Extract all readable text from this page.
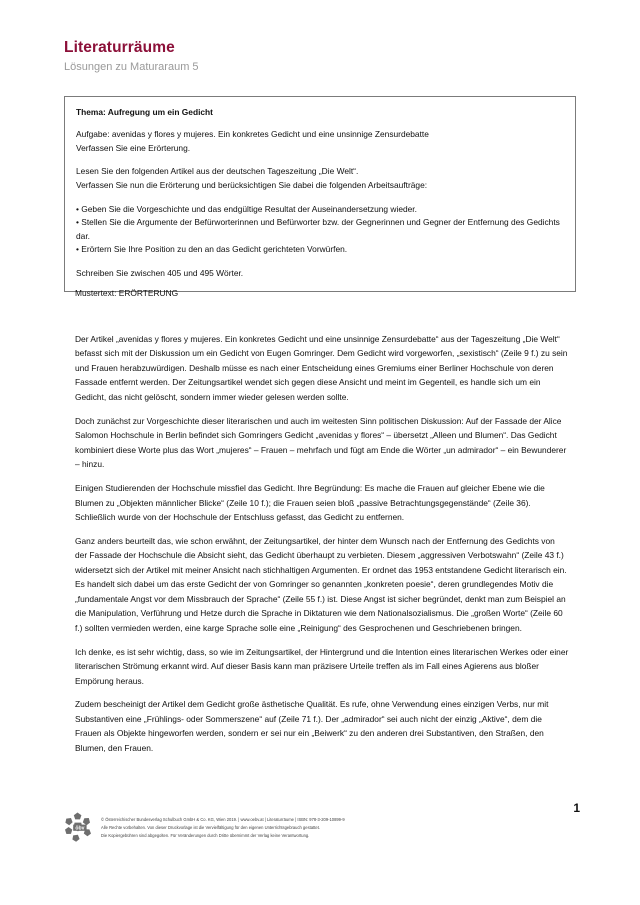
Literaturräume
Lösungen zu Maturaraum 5
Thema: Aufregung um ein Gedicht
Aufgabe: avenidas y flores y mujeres. Ein konkretes Gedicht und eine unsinnige Zensurdebatte
Verfassen Sie eine Erörterung.
Lesen Sie den folgenden Artikel aus der deutschen Tageszeitung „Die Welt“.
Verfassen Sie nun die Erörterung und berücksichtigen Sie dabei die folgenden Arbeitsaufträge:
• Geben Sie die Vorgeschichte und das endgültige Resultat der Auseinandersetzung wieder.
• Stellen Sie die Argumente der Befürworterinnen und Befürworter bzw. der Gegnerinnen und Gegner der Entfernung des Gedichts dar.
• Erörtern Sie Ihre Position zu den an das Gedicht gerichteten Vorwürfen.
Schreiben Sie zwischen 405 und 495 Wörter.
Mustertext: ERÖRTERUNG

Der Artikel „avenidas y flores y mujeres. Ein konkretes Gedicht und eine unsinnige Zensurdebatte“ aus der Tageszeitung „Die Welt“ befasst sich mit der Diskussion um ein Gedicht von Eugen Gomringer. Dem Gedicht wird vorgeworfen, „sexistisch“ (Zeile 9 f.) zu sein und Frauen herabzuwürdigen. Deshalb müsse es nach einer Entscheidung eines Gremiums einer Berliner Hochschule von deren Fassade entfernt werden. Der Zeitungsartikel wendet sich gegen diese Ansicht und meint im Gegenteil, es handle sich um ein Gedicht, das nicht gelöscht, sondern immer wieder gelesen werden sollte.

Doch zunächst zur Vorgeschichte dieser literarischen und auch im weitesten Sinn politischen Diskussion: Auf der Fassade der Alice Salomon Hochschule in Berlin befindet sich Gomringers Gedicht „avenidas y flores“ – übersetzt „Alleen und Blumen“. Das Gedicht kombiniert diese Worte plus das Wort „mujeres“ – Frauen – mehrfach und fügt am Ende die Wörter „un admirador“ – ein Bewunderer – hinzu.

Einigen Studierenden der Hochschule missfiel das Gedicht. Ihre Begründung: Es mache die Frauen auf gleicher Ebene wie die Blumen zu „Objekten männlicher Blicke“ (Zeile 10 f.); die Frauen seien bloß „passive Betrachtungsgegenstände“ (Zeile 36). Schließlich wurde von der Hochschule der Entschluss gefasst, das Gedicht zu entfernen.

Ganz anders beurteilt das, wie schon erwähnt, der Zeitungsartikel, der hinter dem Wunsch nach der Entfernung des Gedichts von der Fassade der Hochschule die Absicht sieht, das Gedicht überhaupt zu verbieten. Diesem „aggressiven Verbotswahn“ (Zeile 43 f.) widersetzt sich der Artikel mit meiner Ansicht nach stichhaltigen Argumenten. Er ordnet das 1953 entstandene Gedicht literarisch ein. Es handelt sich dabei um das erste Gedicht der von Gomringer so genannten „konkreten poesie“, deren grundlegendes Motiv die „fundamentale Angst vor dem Missbrauch der Sprache“ (Zeile 55 f.) ist. Diese Angst ist sicher begründet, denkt man zum Beispiel an die Manipulation, Verführung und Hetze durch die Sprache in Diktaturen wie dem Nationalsozialismus. Die „großen Worte“ (Zeile 60 f.) sollten vermieden werden, eine karge Sprache solle eine „Reinigung“ des Gesprochenen und Geschriebenen bringen.

Ich denke, es ist sehr wichtig, dass, so wie im Zeitungsartikel, der Hintergrund und die Intention eines literarischen Werkes oder einer literarischen Strömung erkannt wird. Auf dieser Basis kann man präzisere Urteile treffen als im Fall eines Agierens aus bloßer Empörung heraus.

Zudem bescheinigt der Artikel dem Gedicht große ästhetische Qualität. Es rufe, ohne Verwendung eines einzigen Verbs, nur mit Substantiven eine „Frühlings- oder Sommerszene“ auf (Zeile 71 f.). Der „admirador“ sei auch nicht der einzig „Aktive“, dem die Frauen als Objekte hingeworfen werden, sondern er sei nur ein „Beiwerk“ zu den anderen drei Substantiven, den Straßen, den Blumen, den Frauen.

öbv
© Österreichischer Bundesverlag Schulbuch GmbH & Co. KG, Wien 2019. | www.oebv.at | Literaturräume | ISBN: 978-3-209-10899-9
Alle Rechte vorbehalten. Von dieser Druckvorlage ist die Vervielfältigung für den eigenen Unterrichtsgebrauch gestattet.
Die Kopiergebühren sind abgegolten. Für Veränderungen durch Dritte übernimmt der Verlag keine Verantwortung.
1
